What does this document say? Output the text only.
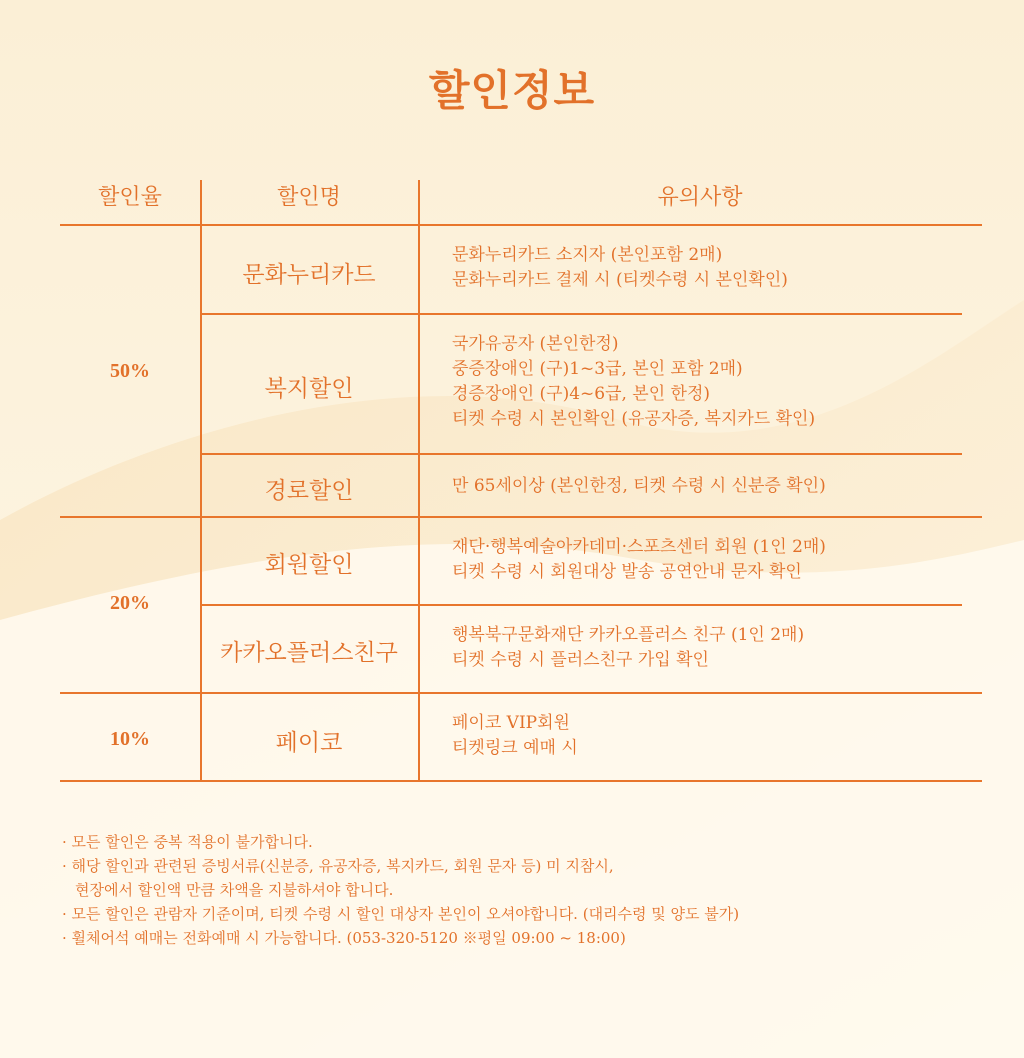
할인정보
할인율	할인명	유의사항
50%
20%
10%
문화누리카드
복지할인
경로할인
회원할인
카카오플러스친구
페이코
문화누리카드 소지자 (본인포함 2매)
문화누리카드 결제 시 (티켓수령 시 본인확인)
국가유공자 (본인한정)
중증장애인 (구)1~3급, 본인 포함 2매)
경증장애인 (구)4~6급, 본인 한정)
티켓 수령 시 본인확인 (유공자증, 복지카드 확인)
만 65세이상 (본인한정, 티켓 수령 시 신분증 확인)
재단·행복예술아카데미·스포츠센터 회원 (1인 2매)
티켓 수령 시 회원대상 발송 공연안내 문자 확인
행복북구문화재단 카카오플러스 친구 (1인 2매)
티켓 수령 시 플러스친구 가입 확인
페이코 VIP회원
티켓링크 예매 시
· 모든 할인은 중복 적용이 불가합니다.
· 해당 할인과 관련된 증빙서류(신분증, 유공자증, 복지카드, 회원 문자 등) 미 지참시,
현장에서 할인액 만큼 차액을 지불하셔야 합니다.
· 모든 할인은 관람자 기준이며, 티켓 수령 시 할인 대상자 본인이 오셔야합니다. (대리수령 및 양도 불가)
· 휠체어석 예매는 전화예매 시 가능합니다. (053-320-5120 ※평일 09:00 ~ 18:00)
